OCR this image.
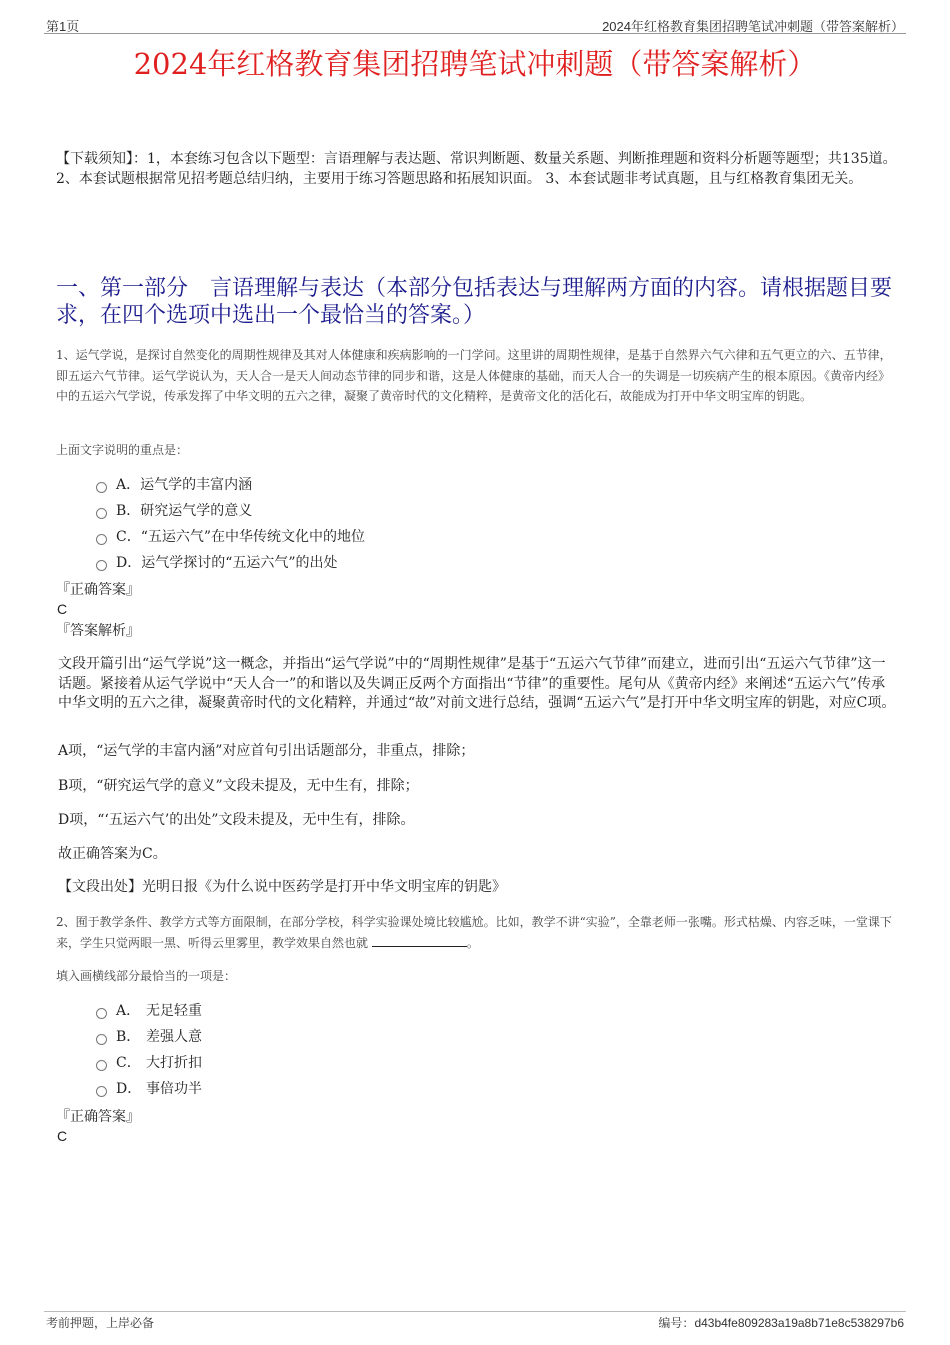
第1页	2024年红格教育集团招聘笔试冲刺题（带答案解析）
2024年红格教育集团招聘笔试冲刺题（带答案解析）
【下载须知】：1，本套练习包含以下题型：言语理解与表达题、常识判断题、数量关系题、判断推理题和资料分析题等题型；共135道。 2、本套试题根据常见招考题总结归纳，主要用于练习答题思路和拓展知识面。 3、本套试题非考试真题，且与红格教育集团无关。
一、第一部分　言语理解与表达（本部分包括表达与理解两方面的内容。请根据题目要求，在四个选项中选出一个最恰当的答案。）
1、运气学说，是探讨自然变化的周期性规律及其对人体健康和疾病影响的一门学问。这里讲的周期性规律，是基于自然界六气六律和五气更立的六、五节律，即五运六气节律。运气学说认为，天人合一是天人间动态节律的同步和谐，这是人体健康的基础，而天人合一的失调是一切疾病产生的根本原因。《黄帝内经》中的五运六气学说，传承发挥了中华文明的五六之律，凝聚了黄帝时代的文化精粹，是黄帝文化的活化石，故能成为打开中华文明宝库的钥匙。
上面文字说明的重点是：
A． 运气学的丰富内涵
B． 研究运气学的意义
C． “五运六气”在中华传统文化中的地位
D． 运气学探讨的“五运六气”的出处
『正确答案』
C
『答案解析』
文段开篇引出“运气学说”这一概念，并指出“运气学说”中的“周期性规律”是基于“五运六气节律”而建立，进而引出“五运六气节律”这一话题。紧接着从运气学说中“天人合一”的和谐以及失调正反两个方面指出“节律”的重要性。尾句从《黄帝内经》来阐述“五运六气”传承中华文明的五六之律，凝聚黄帝时代的文化精粹，并通过“故”对前文进行总结，强调“五运六气”是打开中华文明宝库的钥匙，对应C项。
A项，“运气学的丰富内涵”对应首句引出话题部分，非重点，排除；
B项，“研究运气学的意义”文段未提及，无中生有，排除；
D项，“‘五运六气’的出处”文段未提及，无中生有，排除。
故正确答案为C。
【文段出处】光明日报《为什么说中医药学是打开中华文明宝库的钥匙》
2、囿于教学条件、教学方式等方面限制，在部分学校，科学实验课处境比较尴尬。比如，教学不讲“实验”，全靠老师一张嘴。形式枯燥、内容乏味，一堂课下来，学生只觉两眼一黑、听得云里雾里，教学效果自然也就	。
填入画横线部分最恰当的一项是：
A． 无足轻重
B． 差强人意
C． 大打折扣
D． 事倍功半
『正确答案』
C
考前押题，上岸必备	编号：d43b4fe809283a19a8b71e8c538297b6
